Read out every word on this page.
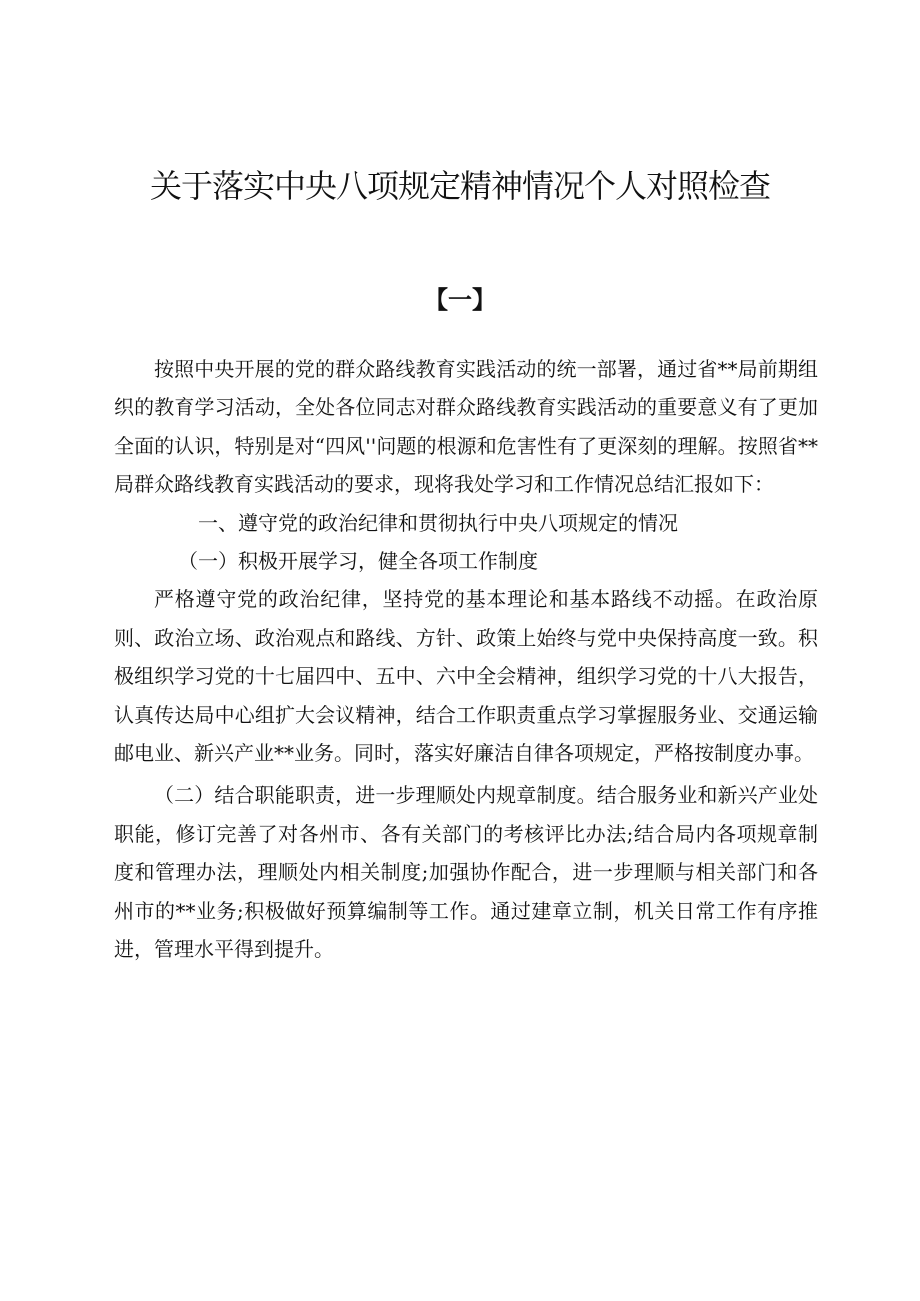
关于落实中央八项规定精神情况个人对照检查
【一】

按照中央开展的党的群众路线教育实践活动的统一部署，通过省**局前期组织的教育学习活动，全处各位同志对群众路线教育实践活动的重要意义有了更加全面的认识，特别是对“四风''问题的根源和危害性有了更深刻的理解。按照省**局群众路线教育实践活动的要求，现将我处学习和工作情况总结汇报如下：

一、遵守党的政治纪律和贯彻执行中央八项规定的情况

（一）积极开展学习，健全各项工作制度

严格遵守党的政治纪律，坚持党的基本理论和基本路线不动摇。在政治原则、政治立场、政治观点和路线、方针、政策上始终与党中央保持高度一致。积极组织学习党的十七届四中、五中、六中全会精神，组织学习党的十八大报告，认真传达局中心组扩大会议精神，结合工作职责重点学习掌握服务业、交通运输邮电业、新兴产业**业务。同时，落实好廉洁自律各项规定，严格按制度办事。

（二）结合职能职责，进一步理顺处内规章制度。结合服务业和新兴产业处职能，修订完善了对各州市、各有关部门的考核评比办法;结合局内各项规章制度和管理办法，理顺处内相关制度;加强协作配合，进一步理顺与相关部门和各州市的**业务;积极做好预算编制等工作。通过建章立制，机关日常工作有序推进，管理水平得到提升。
